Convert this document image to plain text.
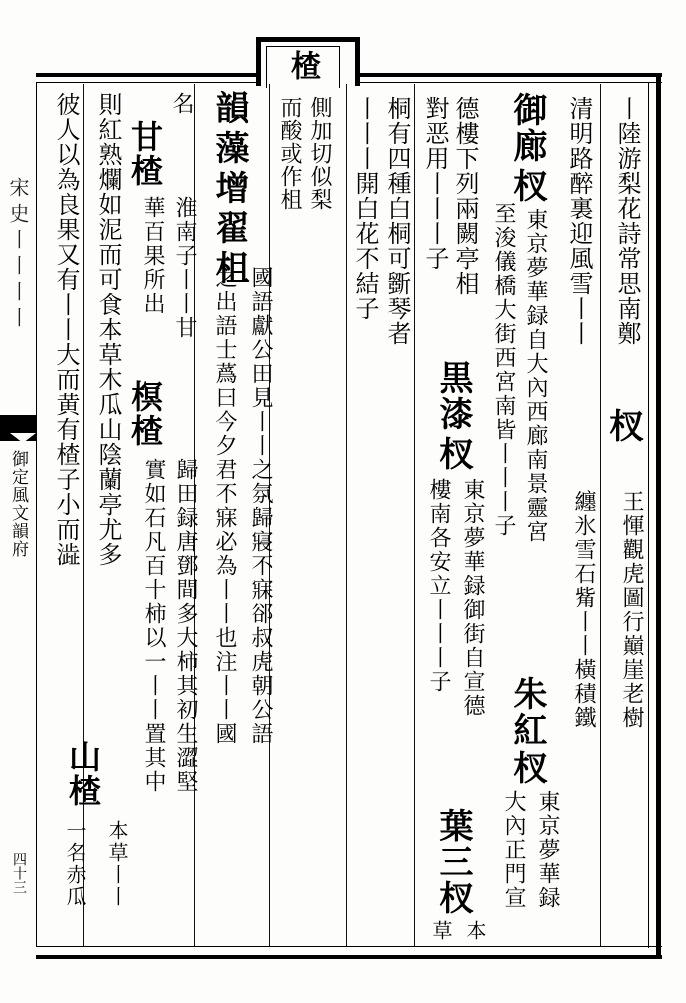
宋史丨丨丨丨
御定風文韻府
四十三
楂
丨陸游梨花詩常思南鄭
杈
王惲觀虎圖行巔崖老樹
清明路醉裏迎風雪丨丨
纏氷雪石觜丨丨橫積鐵
御廊
杈
東京夢華録自大內西廊南景靈宮
朱紅
杈
東京夢華録
至浚儀橋大街西宮南皆丨丨丨子
大內正門宣
德樓下列兩闕亭相
黒漆
杈
東京夢華録御街自宣德
葉三
杈
本
對恶用丨丨丨子
樓南各安立丨丨丨子
草
桐有四種白桐可斵琴者
丨丨丨開白花不結子
側加切似梨
而酸或作柤
韻藻增翟柤
國語獻公田見丨丨之氛歸寢不寐郤叔虎朝公語
之出語士蔿曰今夕君不寐必為丨丨也注丨丨國
名
甘楂
淮南子丨丨甘
榠楂
歸田録唐鄧間多大柿其初生澀堅
華百果所出
實如石凡百十柿以一丨丨置其中
則紅熟爛如泥而可食本草木瓜山陰蘭亭尤多
山楂
本草丨丨
彼人以為良果又有丨丨大而黄有楂子小而澁
一名赤瓜
